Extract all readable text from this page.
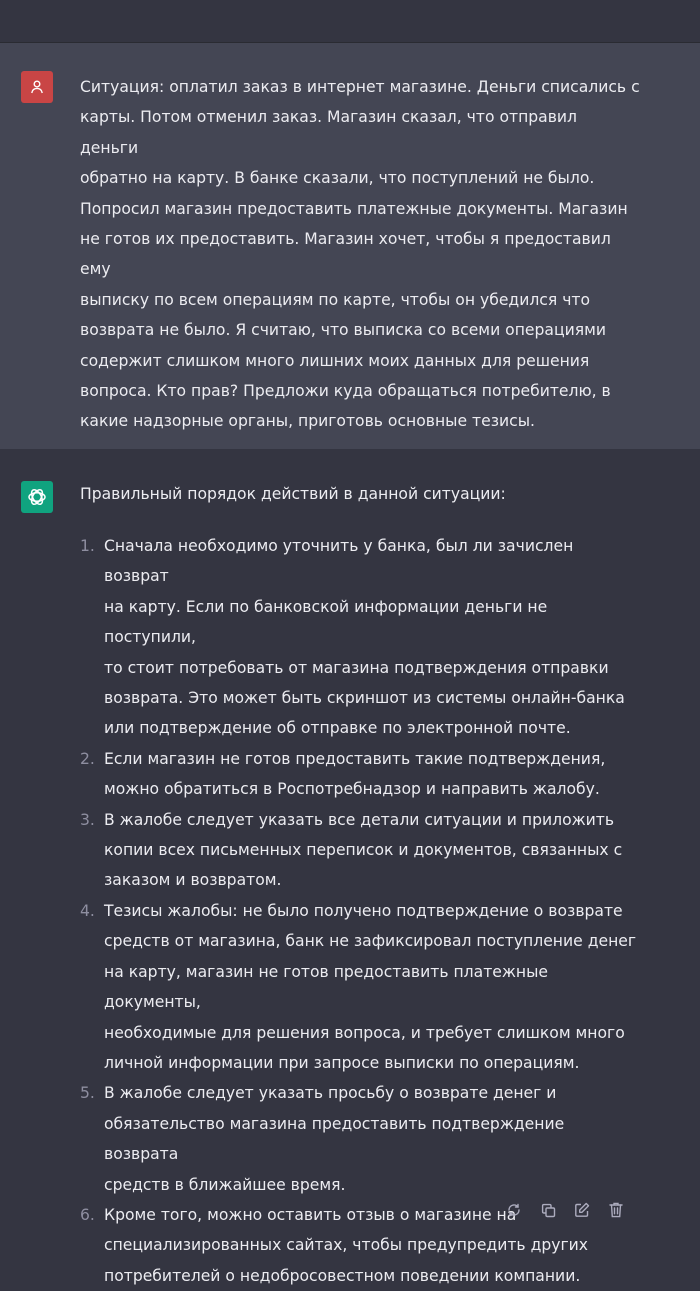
Ситуация: оплатил заказ в интернет магазине. Деньги списались с
карты. Потом отменил заказ. Магазин сказал, что отправил деньги
обратно на карту. В банке сказали, что поступлений не было.
Попросил магазин предоставить платежные документы. Магазин
не готов их предоставить. Магазин хочет, чтобы я предоставил ему
выписку по всем операциям по карте, чтобы он убедился что
возврата не было. Я считаю, что выписка со всеми операциями
содержит слишком много лишних моих данных для решения
вопроса. Кто прав? Предложи куда обращаться потребителю, в
какие надзорные органы, приготовь основные тезисы.

Правильный порядок действий в данной ситуации:

1. Сначала необходимо уточнить у банка, был ли зачислен возврат
на карту. Если по банковской информации деньги не поступили,
то стоит потребовать от магазина подтверждения отправки
возврата. Это может быть скриншот из системы онлайн-банка
или подтверждение об отправке по электронной почте.
2. Если магазин не готов предоставить такие подтверждения,
можно обратиться в Роспотребнадзор и направить жалобу.
3. В жалобе следует указать все детали ситуации и приложить
копии всех письменных переписок и документов, связанных с
заказом и возвратом.
4. Тезисы жалобы: не было получено подтверждение о возврате
средств от магазина, банк не зафиксировал поступление денег
на карту, магазин не готов предоставить платежные документы,
необходимые для решения вопроса, и требует слишком много
личной информации при запросе выписки по операциям.
5. В жалобе следует указать просьбу о возврате денег и
обязательство магазина предоставить подтверждение возврата
средств в ближайшее время.
6. Кроме того, можно оставить отзыв о магазине на
специализированных сайтах, чтобы предупредить других
потребителей о недобросовестном поведении компании.
